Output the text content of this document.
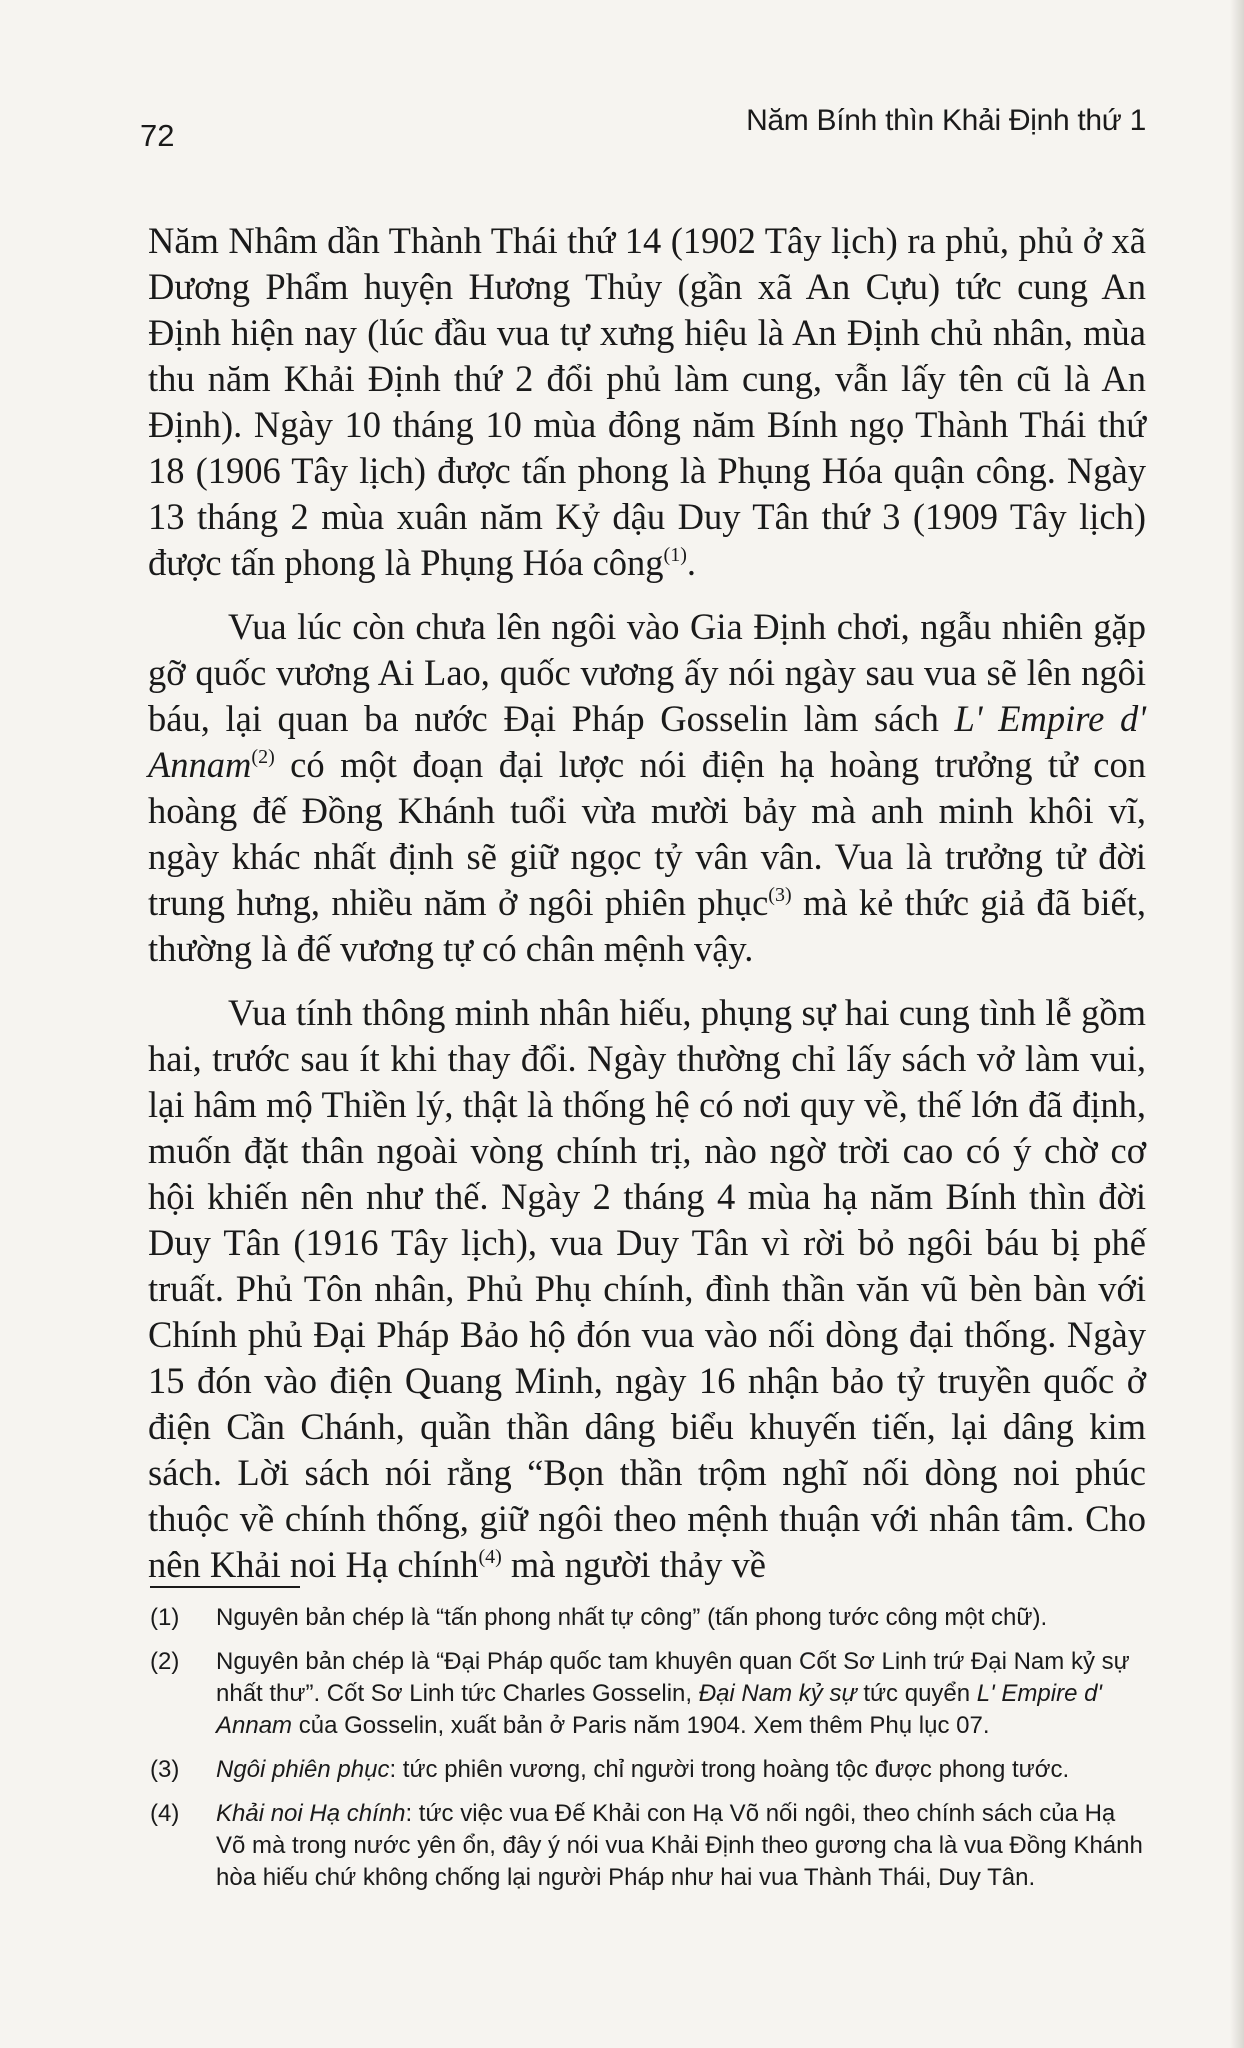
72	Năm Bính thìn Khải Định thứ 1

Năm Nhâm dần Thành Thái thứ 14 (1902 Tây lịch) ra phủ, phủ ở xã Dương Phẩm huyện Hương Thủy (gần xã An Cựu) tức cung An Định hiện nay (lúc đầu vua tự xưng hiệu là An Định chủ nhân, mùa thu năm Khải Định thứ 2 đổi phủ làm cung, vẫn lấy tên cũ là An Định). Ngày 10 tháng 10 mùa đông năm Bính ngọ Thành Thái thứ 18 (1906 Tây lịch) được tấn phong là Phụng Hóa quận công. Ngày 13 tháng 2 mùa xuân năm Kỷ dậu Duy Tân thứ 3 (1909 Tây lịch) được tấn phong là Phụng Hóa công$^{(1)}$.

Vua lúc còn chưa lên ngôi vào Gia Định chơi, ngẫu nhiên gặp gỡ quốc vương Ai Lao, quốc vương ấy nói ngày sau vua sẽ lên ngôi báu, lại quan ba nước Đại Pháp Gosselin làm sách L' Empire d' Annam$^{(2)}$ có một đoạn đại lược nói điện hạ hoàng trưởng tử con hoàng đế Đồng Khánh tuổi vừa mười bảy mà anh minh khôi vĩ, ngày khác nhất định sẽ giữ ngọc tỷ vân vân. Vua là trưởng tử đời trung hưng, nhiều năm ở ngôi phiên phục$^{(3)}$ mà kẻ thức giả đã biết, thường là đế vương tự có chân mệnh vậy.

Vua tính thông minh nhân hiếu, phụng sự hai cung tình lễ gồm hai, trước sau ít khi thay đổi. Ngày thường chỉ lấy sách vở làm vui, lại hâm mộ Thiền lý, thật là thống hệ có nơi quy về, thế lớn đã định, muốn đặt thân ngoài vòng chính trị, nào ngờ trời cao có ý chờ cơ hội khiến nên như thế. Ngày 2 tháng 4 mùa hạ năm Bính thìn đời Duy Tân (1916 Tây lịch), vua Duy Tân vì rời bỏ ngôi báu bị phế truất. Phủ Tôn nhân, Phủ Phụ chính, đình thần văn vũ bèn bàn với Chính phủ Đại Pháp Bảo hộ đón vua vào nối dòng đại thống. Ngày 15 đón vào điện Quang Minh, ngày 16 nhận bảo tỷ truyền quốc ở điện Cần Chánh, quần thần dâng biểu khuyến tiến, lại dâng kim sách. Lời sách nói rằng “Bọn thần trộm nghĩ nối dòng noi phúc thuộc về chính thống, giữ ngôi theo mệnh thuận với nhân tâm. Cho nên Khải noi Hạ chính$^{(4)}$ mà người thảy về

(1)	Nguyên bản chép là “tấn phong nhất tự công” (tấn phong tước công một chữ).
(2)	Nguyên bản chép là “Đại Pháp quốc tam khuyên quan Cốt Sơ Linh trứ Đại Nam kỷ sự nhất thư”. Cốt Sơ Linh tức Charles Gosselin, Đại Nam kỷ sự tức quyển L' Empire d' Annam của Gosselin, xuất bản ở Paris năm 1904. Xem thêm Phụ lục 07.
(3)	Ngôi phiên phục: tức phiên vương, chỉ người trong hoàng tộc được phong tước.
(4)	Khải noi Hạ chính: tức việc vua Đế Khải con Hạ Võ nối ngôi, theo chính sách của Hạ Võ mà trong nước yên ổn, đây ý nói vua Khải Định theo gương cha là vua Đồng Khánh hòa hiếu chứ không chống lại người Pháp như hai vua Thành Thái, Duy Tân.
